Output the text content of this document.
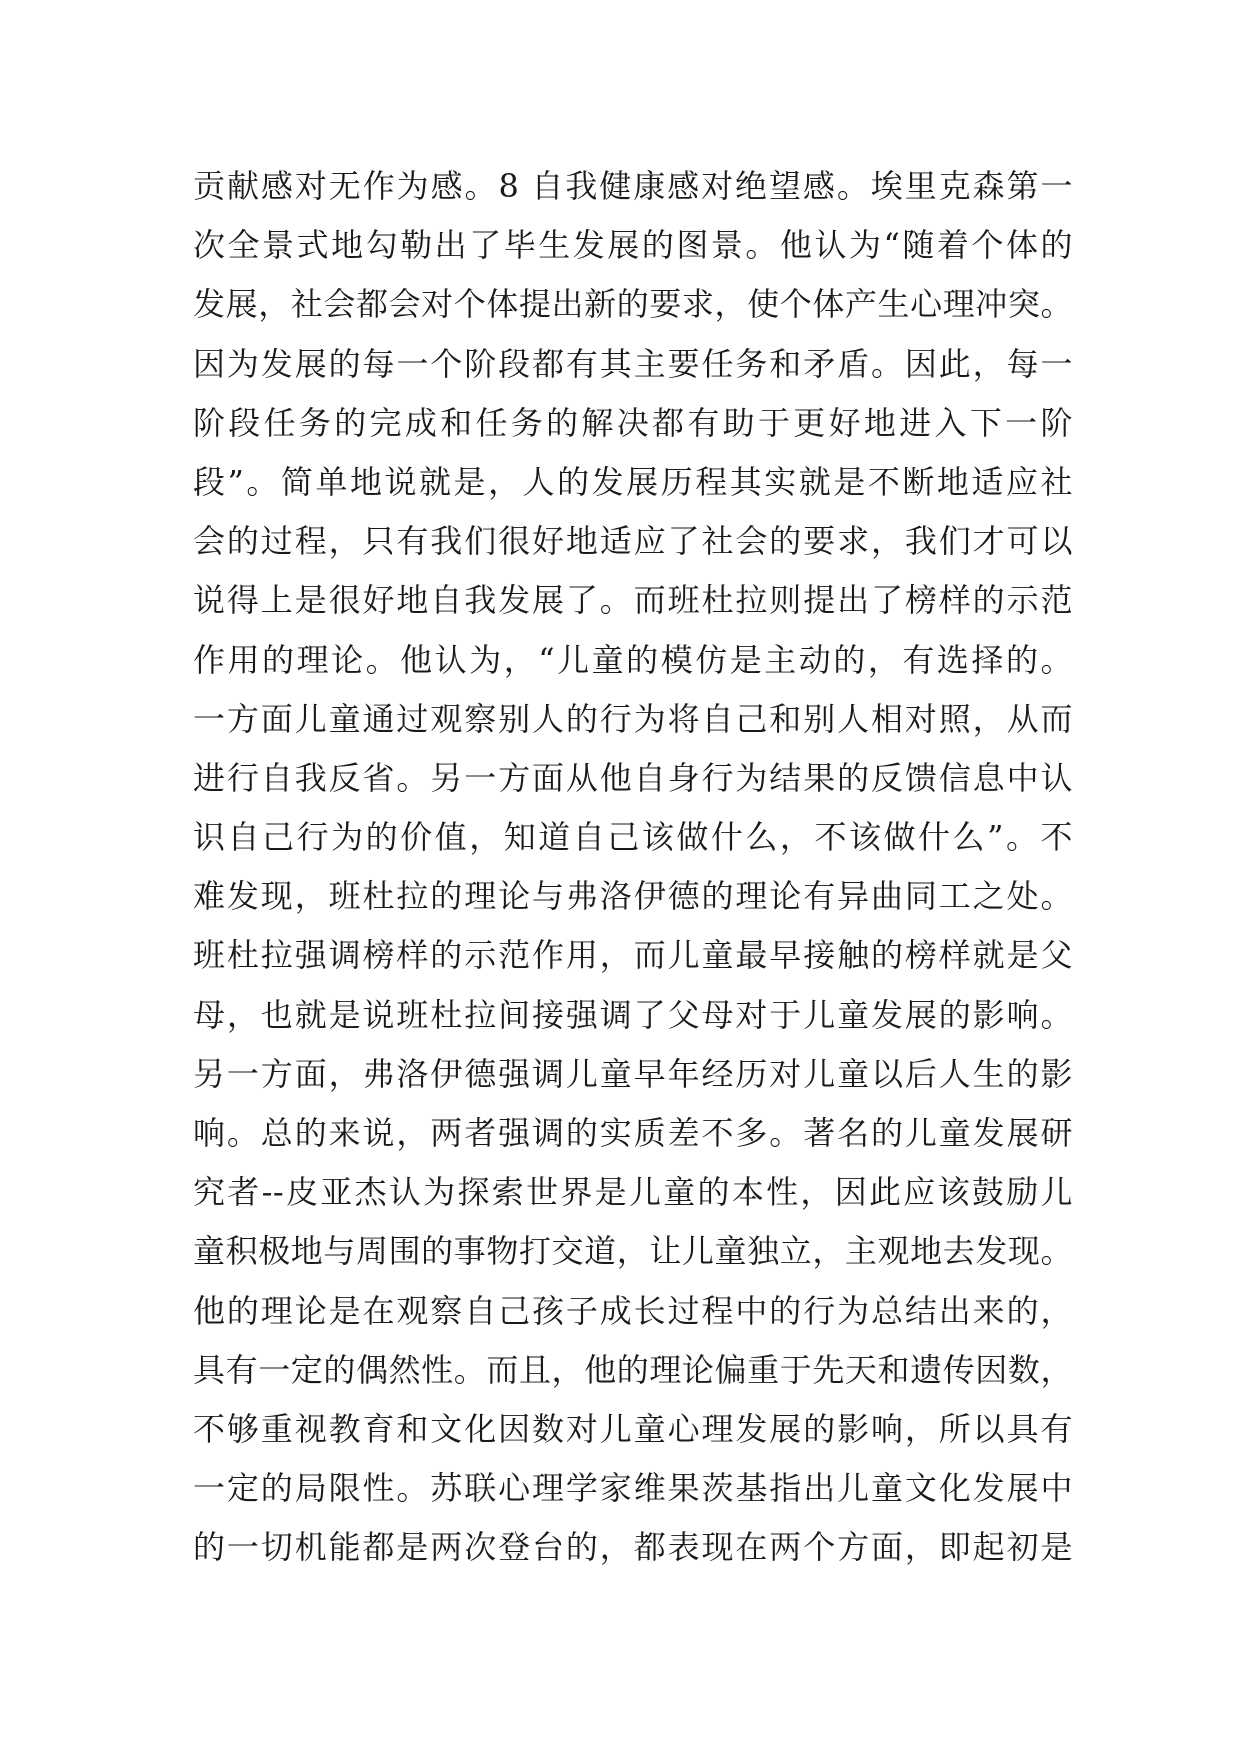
贡献感对无作为感。8 自我健康感对绝望感。埃里克森第一
次全景式地勾勒出了毕生发展的图景。他认为“随着个体的
发展，社会都会对个体提出新的要求，使个体产生心理冲突。
因为发展的每一个阶段都有其主要任务和矛盾。因此，每一
阶段任务的完成和任务的解决都有助于更好地进入下一阶
段”。简单地说就是，人的发展历程其实就是不断地适应社
会的过程，只有我们很好地适应了社会的要求，我们才可以
说得上是很好地自我发展了。而班杜拉则提出了榜样的示范
作用的理论。他认为，“儿童的模仿是主动的，有选择的。
一方面儿童通过观察别人的行为将自己和别人相对照，从而
进行自我反省。另一方面从他自身行为结果的反馈信息中认
识自己行为的价值，知道自己该做什么，不该做什么”。不
难发现，班杜拉的理论与弗洛伊德的理论有异曲同工之处。
班杜拉强调榜样的示范作用，而儿童最早接触的榜样就是父
母，也就是说班杜拉间接强调了父母对于儿童发展的影响。
另一方面，弗洛伊德强调儿童早年经历对儿童以后人生的影
响。总的来说，两者强调的实质差不多。著名的儿童发展研
究者--皮亚杰认为探索世界是儿童的本性，因此应该鼓励儿
童积极地与周围的事物打交道，让儿童独立，主观地去发现。
他的理论是在观察自己孩子成长过程中的行为总结出来的，
具有一定的偶然性。而且，他的理论偏重于先天和遗传因数，
不够重视教育和文化因数对儿童心理发展的影响，所以具有
一定的局限性。苏联心理学家维果茨基指出儿童文化发展中
的一切机能都是两次登台的，都表现在两个方面，即起初是
